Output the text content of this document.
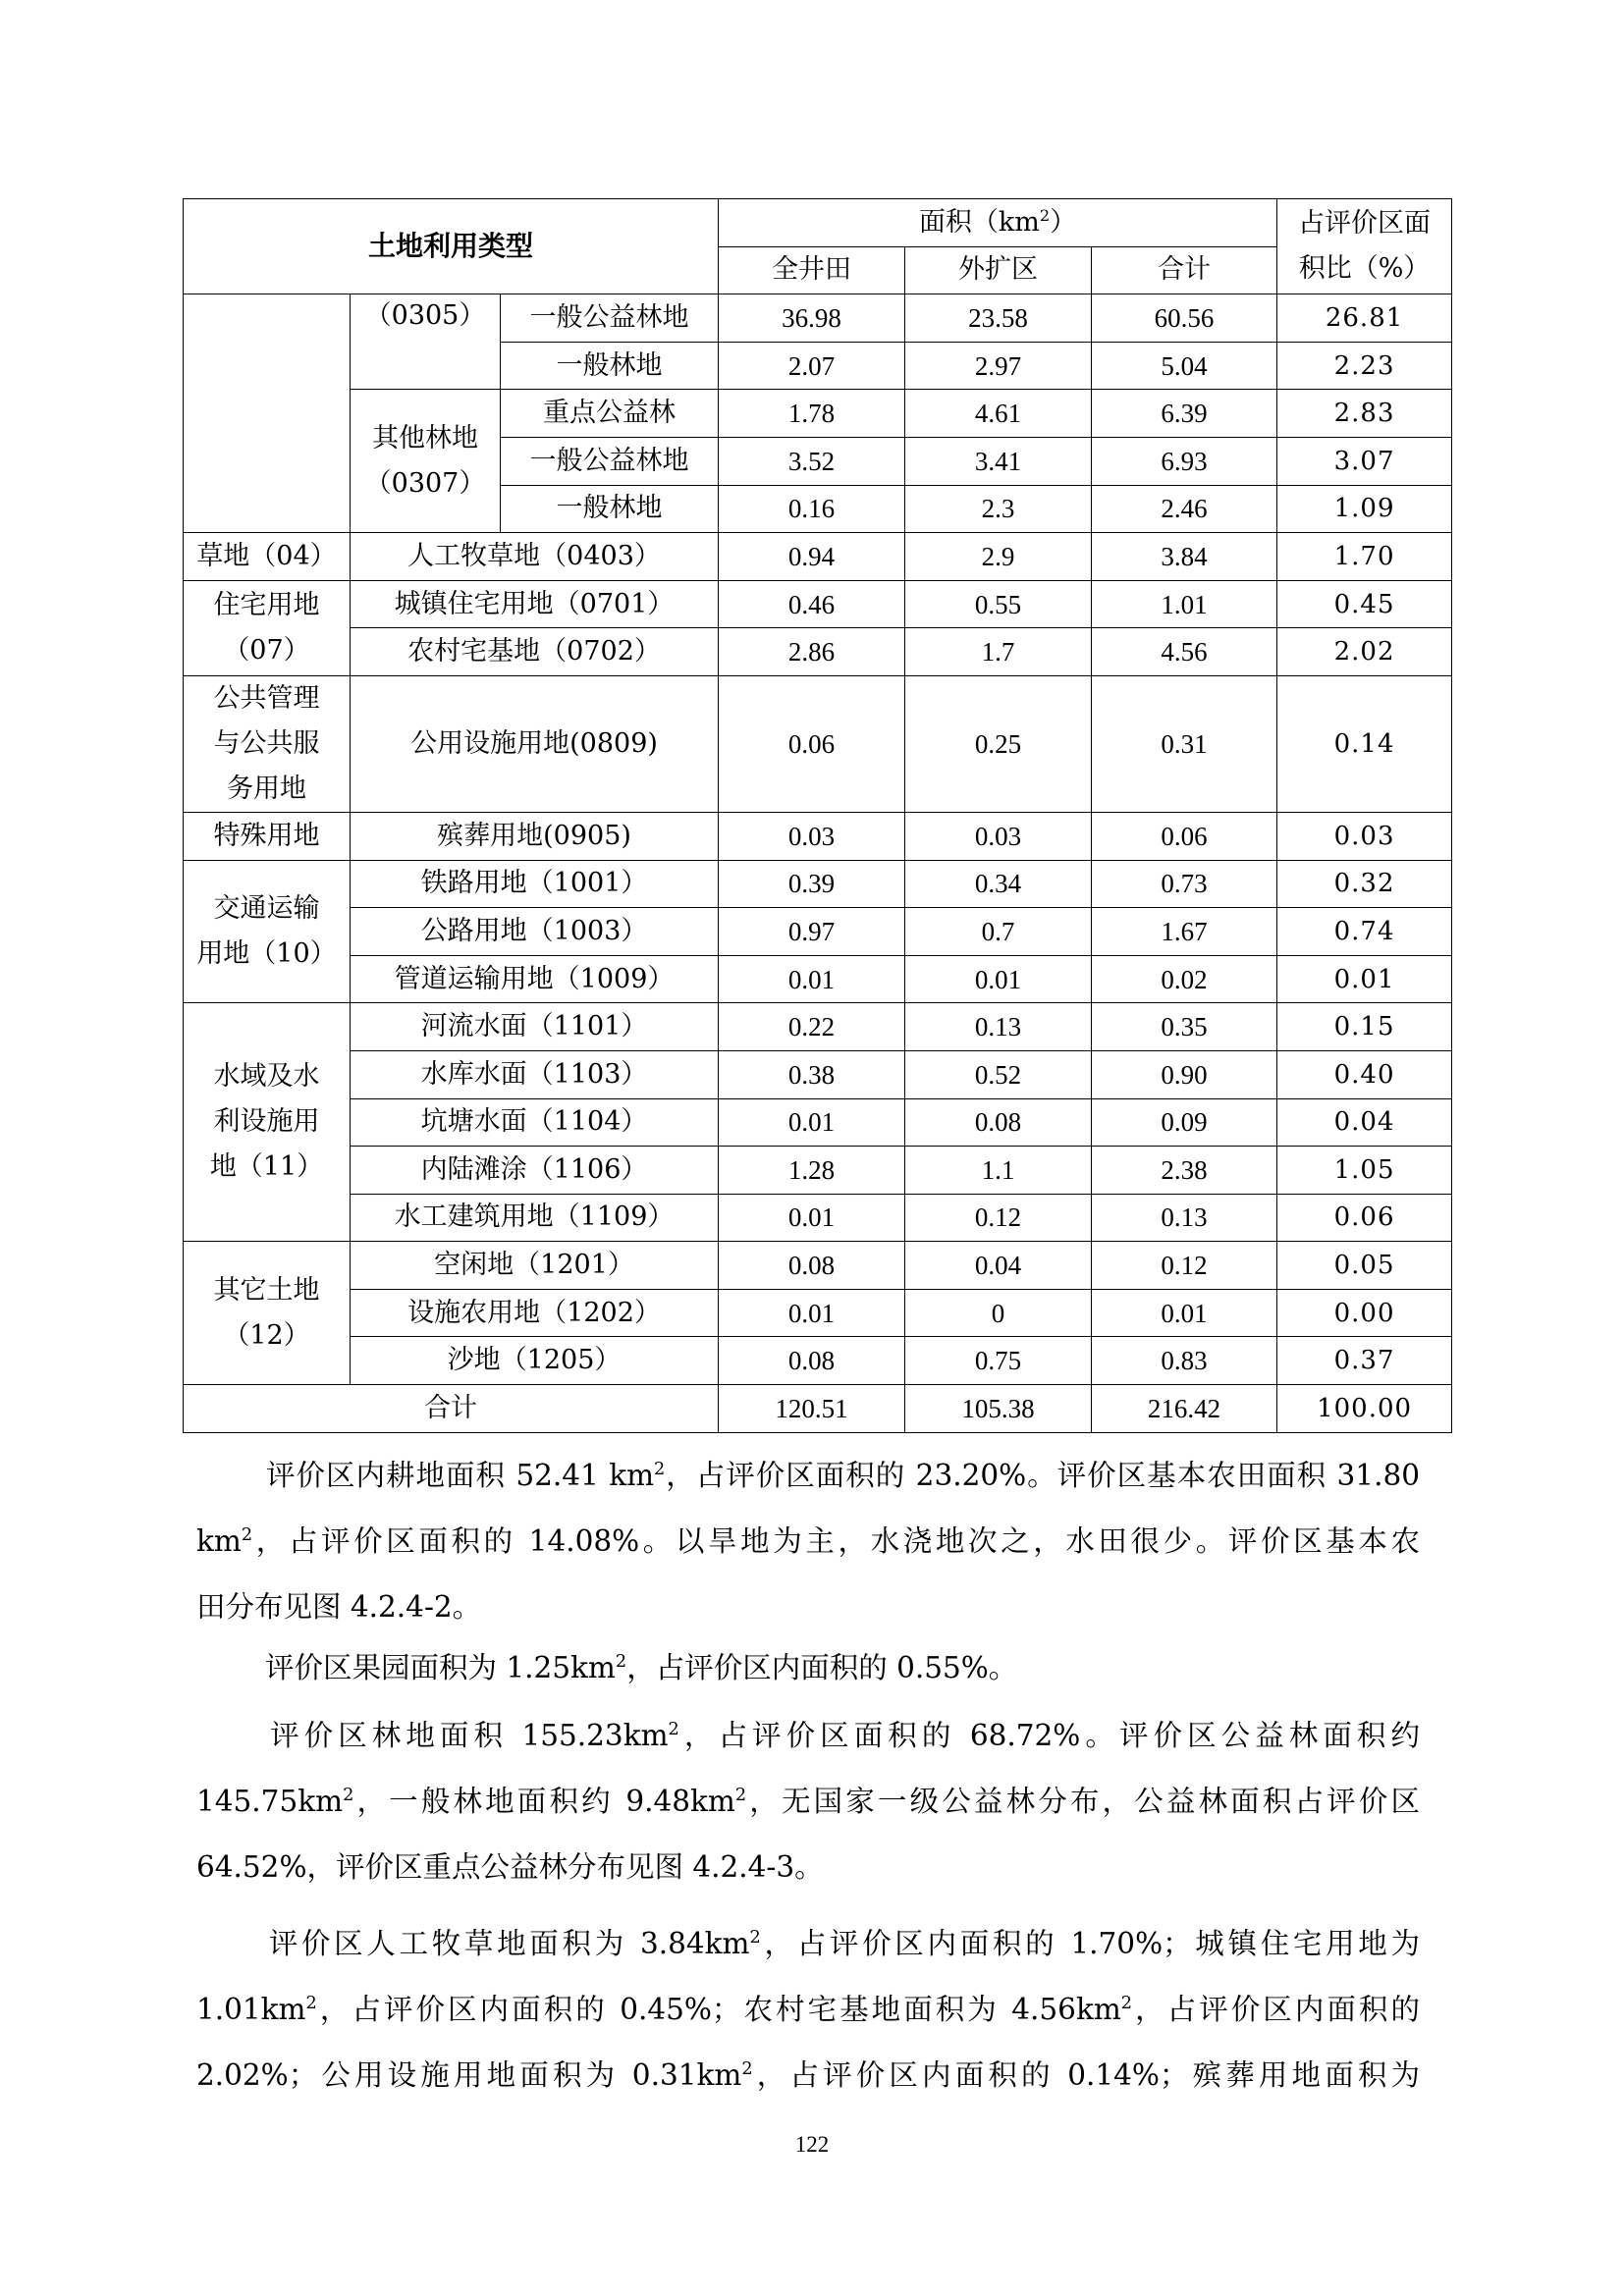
土地利用类型			面积$(km^2)$			占评价区面
积比（%）

			全井田	外扩区	合计	
	（0305）	一般公益林地	36.98	23.58	60.56	26.81
		一般林地	2.07	2.97	5.04	2.23

	其他林地
（0307）	重点公益林	1.78	4.61	6.39	2.83
		一般公益林地	3.52	3.41	6.93	3.07
		一般林地	0.16	2.3	2.46	1.09
草地（04）	人工牧草地（0403）		0.94	2.9	3.84	1.70

住宅用地
（07）	城镇住宅用地（0701）		0.46	0.55	1.01	0.45
	农村宅基地（0702）		2.86	1.7	4.56	2.02

公共管理
与公共服
务用地	公用设施用地(0809)		0.06	0.25	0.31	0.14
特殊用地	殡葬用地(0905)		0.03	0.03	0.06	0.03

交通运输
用地（10）	铁路用地（1001）		0.39	0.34	0.73	0.32
	公路用地（1003）		0.97	0.7	1.67	0.74
	管道运输用地（1009）		0.01	0.01	0.02	0.01

水域及水
利设施用
地（11）	河流水面（1101）		0.22	0.13	0.35	0.15
	水库水面（1103）		0.38	0.52	0.90	0.40
	坑塘水面（1104）		0.01	0.08	0.09	0.04
	内陆滩涂（1106）		1.28	1.1	2.38	1.05
	水工建筑用地（1109）		0.01	0.12	0.13	0.06

其它土地
（12）	空闲地（1201）		0.08	0.04	0.12	0.05
	设施农用地（1202）		0.01	0	0.01	0.00
	沙地（1205）		0.08	0.75	0.83	0.37
合计			120.51	105.38	216.42	100.00
评价区内耕地面积 52.41 $km^2$，占评价区面积的 23.20%。评价区基本农田面积 31.80
$km^2$，占评价区面积的 14.08%。以旱地为主，水浇地次之，水田很少。评价区基本农
田分布见图 4.2.4-2。
评价区果园面积为 $1.25km^2$，占评价区内面积的 0.55%。
评价区林地面积 $155.23km^2$，占评价区面积的 68.72%。评价区公益林面积约
$145.75km^2$，一般林地面积约 $9.48km^2$，无国家一级公益林分布，公益林面积占评价区
64.52%，评价区重点公益林分布见图 4.2.4-3。
评价区人工牧草地面积为 $3.84km^2$，占评价区内面积的 1.70%；城镇住宅用地为
$1.01km^2$，占评价区内面积的 0.45%；农村宅基地面积为 $4.56km^2$，占评价区内面积的
2.02%；公用设施用地面积为 $0.31km^2$，占评价区内面积的 0.14%；殡葬用地面积为
122
